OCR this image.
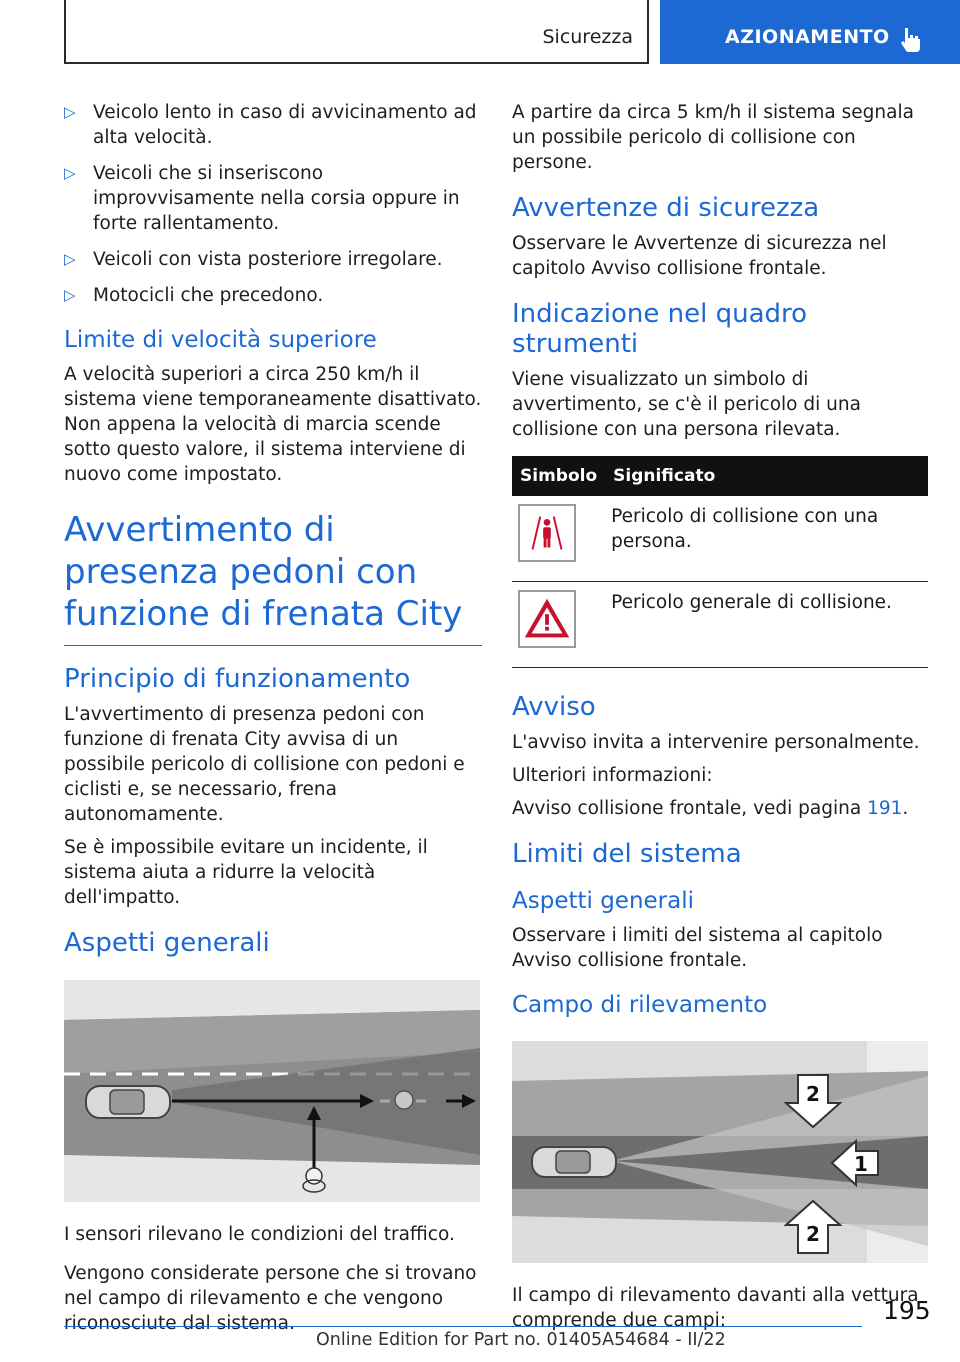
Sicurezza	AZIONAMENTO
▷ Veicolo lento in caso di avvicinamento ad alta velocità.
▷ Veicoli che si inseriscono improvvisamente nella corsia oppure in forte rallentamento.
▷ Veicoli con vista posteriore irregolare.
▷ Motocicli che precedono.
Limite di velocità superiore
A velocità superiori a circa 250 km/h il sistema viene temporaneamente disattivato. Non appena la velocità di marcia scende sotto questo valore, il sistema interviene di nuovo come impostato.
Avvertimento di presenza pedoni con funzione di frenata City
Principio di funzionamento
L'avvertimento di presenza pedoni con funzione di frenata City avvisa di un possibile pericolo di collisione con pedoni e ciclisti e, se necessario, frena autonomamente.
Se è impossibile evitare un incidente, il sistema aiuta a ridurre la velocità dell'impatto.
Aspetti generali
I sensori rilevano le condizioni del traffico.
Vengono considerate persone che si trovano nel campo di rilevamento e che vengono riconosciute dal sistema.
A partire da circa 5 km/h il sistema segnala un possibile pericolo di collisione con persone.
Avvertenze di sicurezza
Osservare le Avvertenze di sicurezza nel capitolo Avviso collisione frontale.
Indicazione nel quadro strumenti
Viene visualizzato un simbolo di avvertimento, se c'è il pericolo di una collisione con una persona rilevata.
Simbolo	Significato
	Pericolo di collisione con una persona.
	Pericolo generale di collisione.
Avviso
L'avviso invita a intervenire personalmente.
Ulteriori informazioni:
Avviso collisione frontale, vedi pagina 191.
Limiti del sistema
Aspetti generali
Osservare i limiti del sistema al capitolo Avviso collisione frontale.
Campo di rilevamento
2
1
2
Il campo di rilevamento davanti alla vettura comprende due campi:	195
Online Edition for Part no. 01405A54684 - II/22
